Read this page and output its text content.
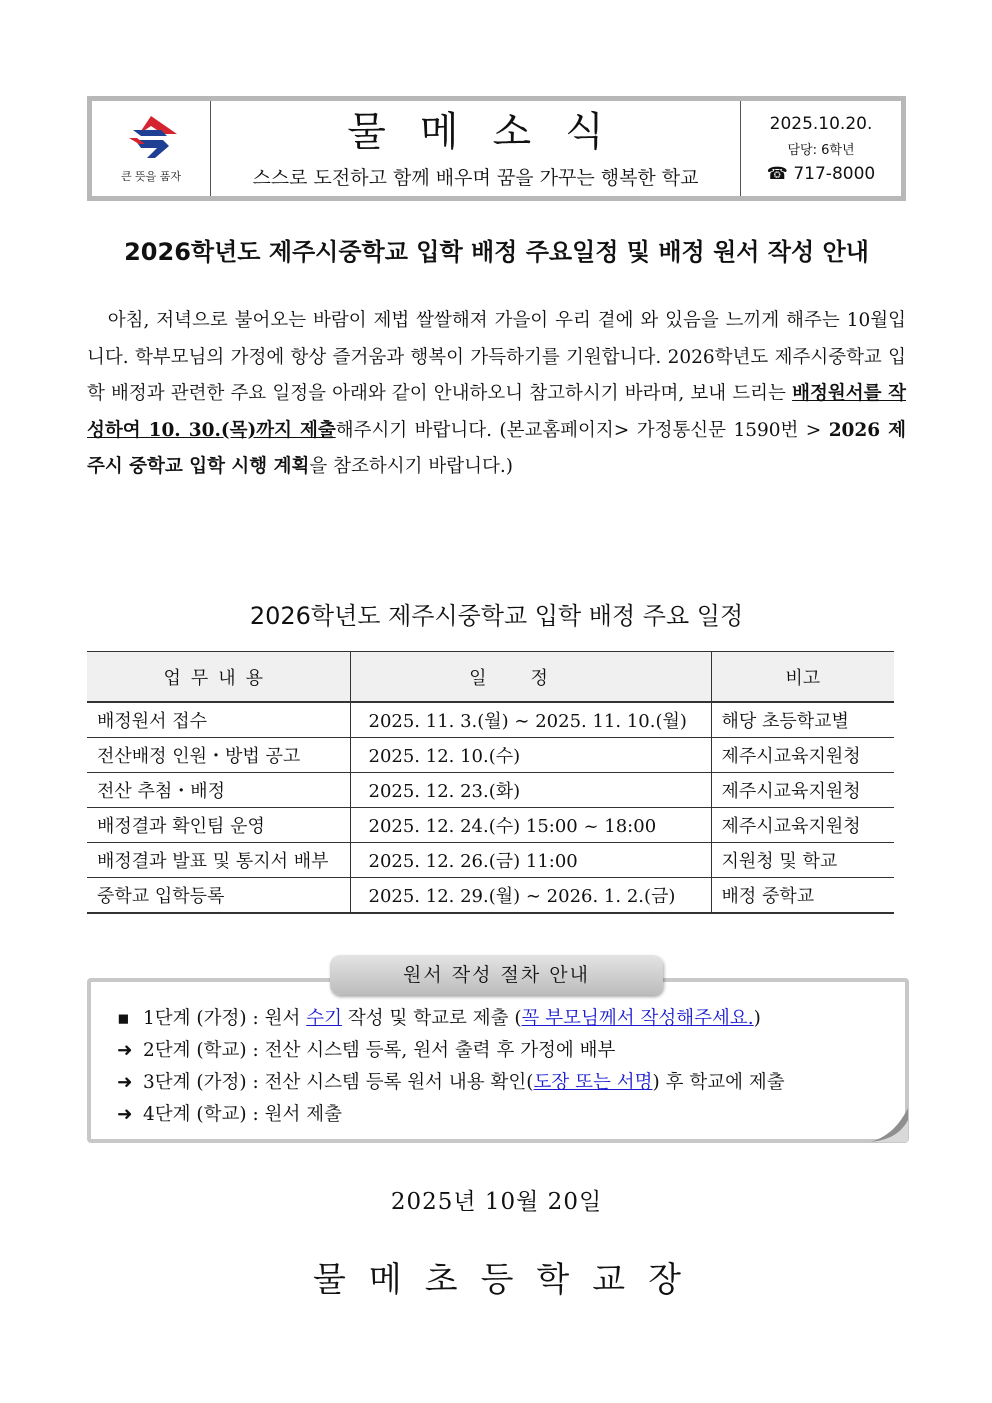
큰 뜻을 품자
물메소식
스스로 도전하고 함께 배우며 꿈을 가꾸는 행복한 학교
2025.10.20.
담당: 6학년
☎ 717-8000
2026학년도 제주시중학교 입학 배정 주요일정 및 배정 원서 작성 안내

아침, 저녁으로 불어오는 바람이 제법 쌀쌀해져 가을이 우리 곁에 와 있음을 느끼게 해주는 10월입니다. 학부모님의 가정에 항상 즐거움과 행복이 가득하기를 기원합니다. 2026학년도 제주시중학교 입학 배정과 관련한 주요 일정을 아래와 같이 안내하오니 참고하시기 바라며, 보내 드리는 배정원서를 작성하여 10. 30.(목)까지 제출해주시기 바랍니다. (본교홈페이지> 가정통신문 1590번 > 2026 제주시 중학교 입학 시행 계획을 참조하시기 바랍니다.)

2026학년도 제주시중학교 입학 배정 주요 일정
업무내용	일정	비고
배정원서 접수	2025. 11. 3.(월) ∼ 2025. 11. 10.(월)	해당 초등학교별
전산배정 인원・방법 공고	2025. 12. 10.(수)	제주시교육지원청
전산 추첨・배정	2025. 12. 23.(화)	제주시교육지원청
배정결과 확인팀 운영	2025. 12. 24.(수) 15:00 ~ 18:00	제주시교육지원청
배정결과 발표 및 통지서 배부	2025. 12. 26.(금) 11:00	지원청 및 학교
중학교 입학등록	2025. 12. 29.(월) ∼ 2026. 1. 2.(금)	배정 중학교
원서 작성 절차 안내
▪ 1단계 (가정) : 원서 수기 작성 및 학교로 제출 (꼭 부모님께서 작성해주세요.)
➜ 2단계 (학교) : 전산 시스템 등록, 원서 출력 후 가정에 배부
➜ 3단계 (가정) : 전산 시스템 등록 원서 내용 확인(도장 또는 서명) 후 학교에 제출
➜ 4단계 (학교) : 원서 제출
2025년 10월 20일
물메초등학교장
